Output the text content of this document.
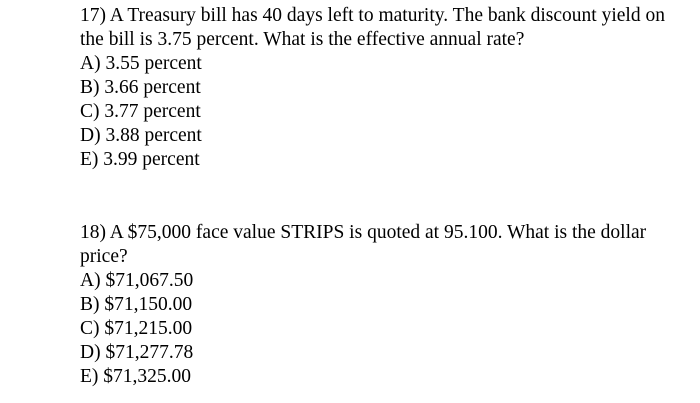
17) A Treasury bill has 40 days left to maturity. The bank discount yield on the bill is 3.75 percent. What is the effective annual rate?

A) 3.55 percent
B) 3.66 percent
C) 3.77 percent
D) 3.88 percent
E) 3.99 percent

18) A $75,000 face value STRIPS is quoted at 95.100. What is the dollar price?

A) $71,067.50
B) $71,150.00
C) $71,215.00
D) $71,277.78
E) $71,325.00
